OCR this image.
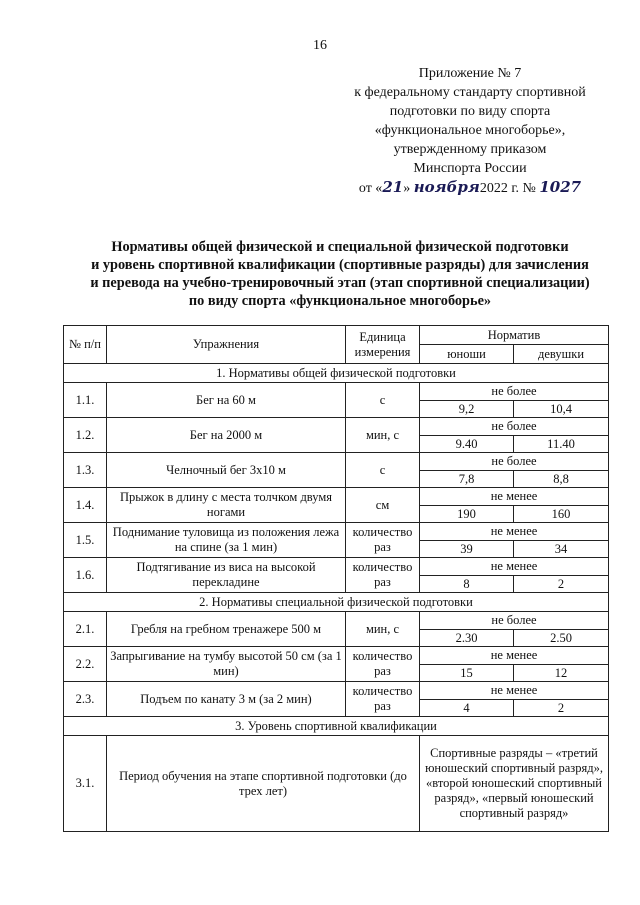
16
Приложение № 7
к федеральному стандарту спортивной
подготовки по виду спорта
«функциональное многоборье»,
утвержденному приказом
Минспорта России
от «21» ноября2022 г. № 1027
Нормативы общей физической и специальной физической подготовки
и уровень спортивной квалификации (спортивные разряды) для зачисления
и перевода на учебно-тренировочный этап (этап спортивной специализации)
по виду спорта «функциональное многоборье»
№ п/п	Упражнения	Единица измерения	Норматив	
			юноши	девушки
1. Нормативы общей физической подготовки				
1.1.	Бег на 60 м	с	не более	
			9,2	10,4
1.2.	Бег на 2000 м	мин, с	не более	
			9.40	11.40
1.3.	Челночный бег 3х10 м	с	не более	
			7,8	8,8
1.4.	Прыжок в длину с места толчком двумя ногами	см	не менее	
			190	160
1.5.	Поднимание туловища из положения лежа на спине (за 1 мин)	количество раз	не менее	
			39	34
1.6.	Подтягивание из виса на высокой перекладине	количество раз	не менее	
			8	2
2. Нормативы специальной физической подготовки				
2.1.	Гребля на гребном тренажере 500 м	мин, с	не более	
			2.30	2.50
2.2.	Запрыгивание на тумбу высотой 50 см (за 1 мин)	количество раз	не менее	
			15	12
2.3.	Подъем по канату 3 м (за 2 мин)	количество раз	не менее	
			4	2
3. Уровень спортивной квалификации				
3.1.	Период обучения на этапе спортивной подготовки (до трех лет)		Спортивные разряды – «третий юношеский спортивный разряд», «второй юношеский спортивный разряд», «первый юношеский спортивный разряд»	
